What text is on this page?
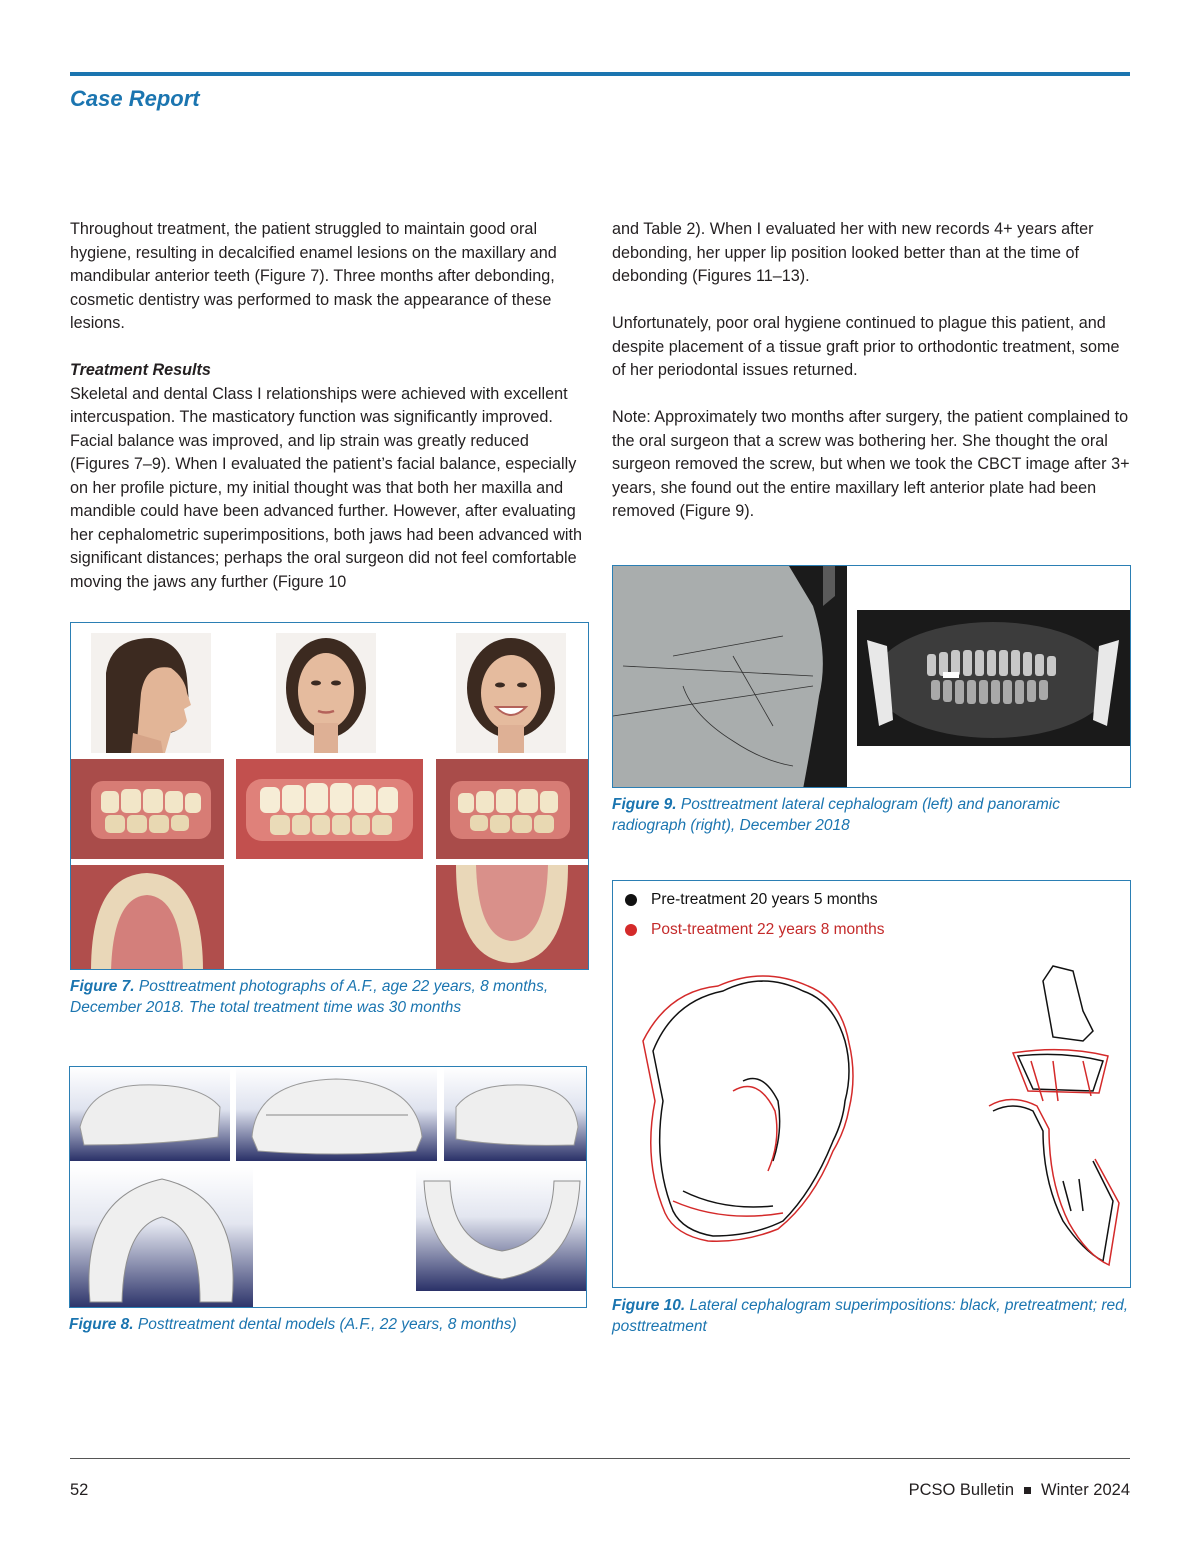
Case Report

Throughout treatment, the patient struggled to maintain good oral hygiene, resulting in decalcified enamel lesions on the maxillary and mandibular anterior teeth (Figure 7). Three months after debonding, cosmetic dentistry was performed to mask the appearance of these lesions.

Treatment Results

Skeletal and dental Class I relationships were achieved with excellent intercuspation. The masticatory function was significantly improved. Facial balance was improved, and lip strain was greatly reduced (Figures 7–9). When I evaluated the patient’s facial balance, especially on her profile picture, my initial thought was that both her maxilla and mandible could have been advanced further. However, after evaluating her cephalometric superimpositions, both jaws had been advanced with significant distances; perhaps the oral surgeon did not feel comfortable moving the jaws any further (Figure 10

and Table 2). When I evaluated her with new records 4+ years after debonding, her upper lip position looked better than at the time of debonding (Figures 11–13).

Unfortunately, poor oral hygiene continued to plague this patient, and despite placement of a tissue graft prior to orthodontic treatment, some of her periodontal issues returned.

Note: Approximately two months after surgery, the patient complained to the oral surgeon that a screw was bothering her. She thought the oral surgeon removed the screw, but when we took the CBCT image after 3+ years, she found out the entire maxillary left anterior plate had been removed (Figure 9).

Figure 7. Posttreatment photographs of A.F., age 22 years, 8 months, December 2018. The total treatment time was 30 months
Figure 8. Posttreatment dental models (A.F., 22 years, 8 months)
Figure 9. Posttreatment lateral cephalogram (left) and panoramic radiograph (right), December 2018
Pre-treatment 20 years 5 months
Post-treatment 22 years 8 months
Figure 10. Lateral cephalogram superimpositions: black, pretreatment; red, posttreatment
52	PCSO Bulletin Winter 2024
